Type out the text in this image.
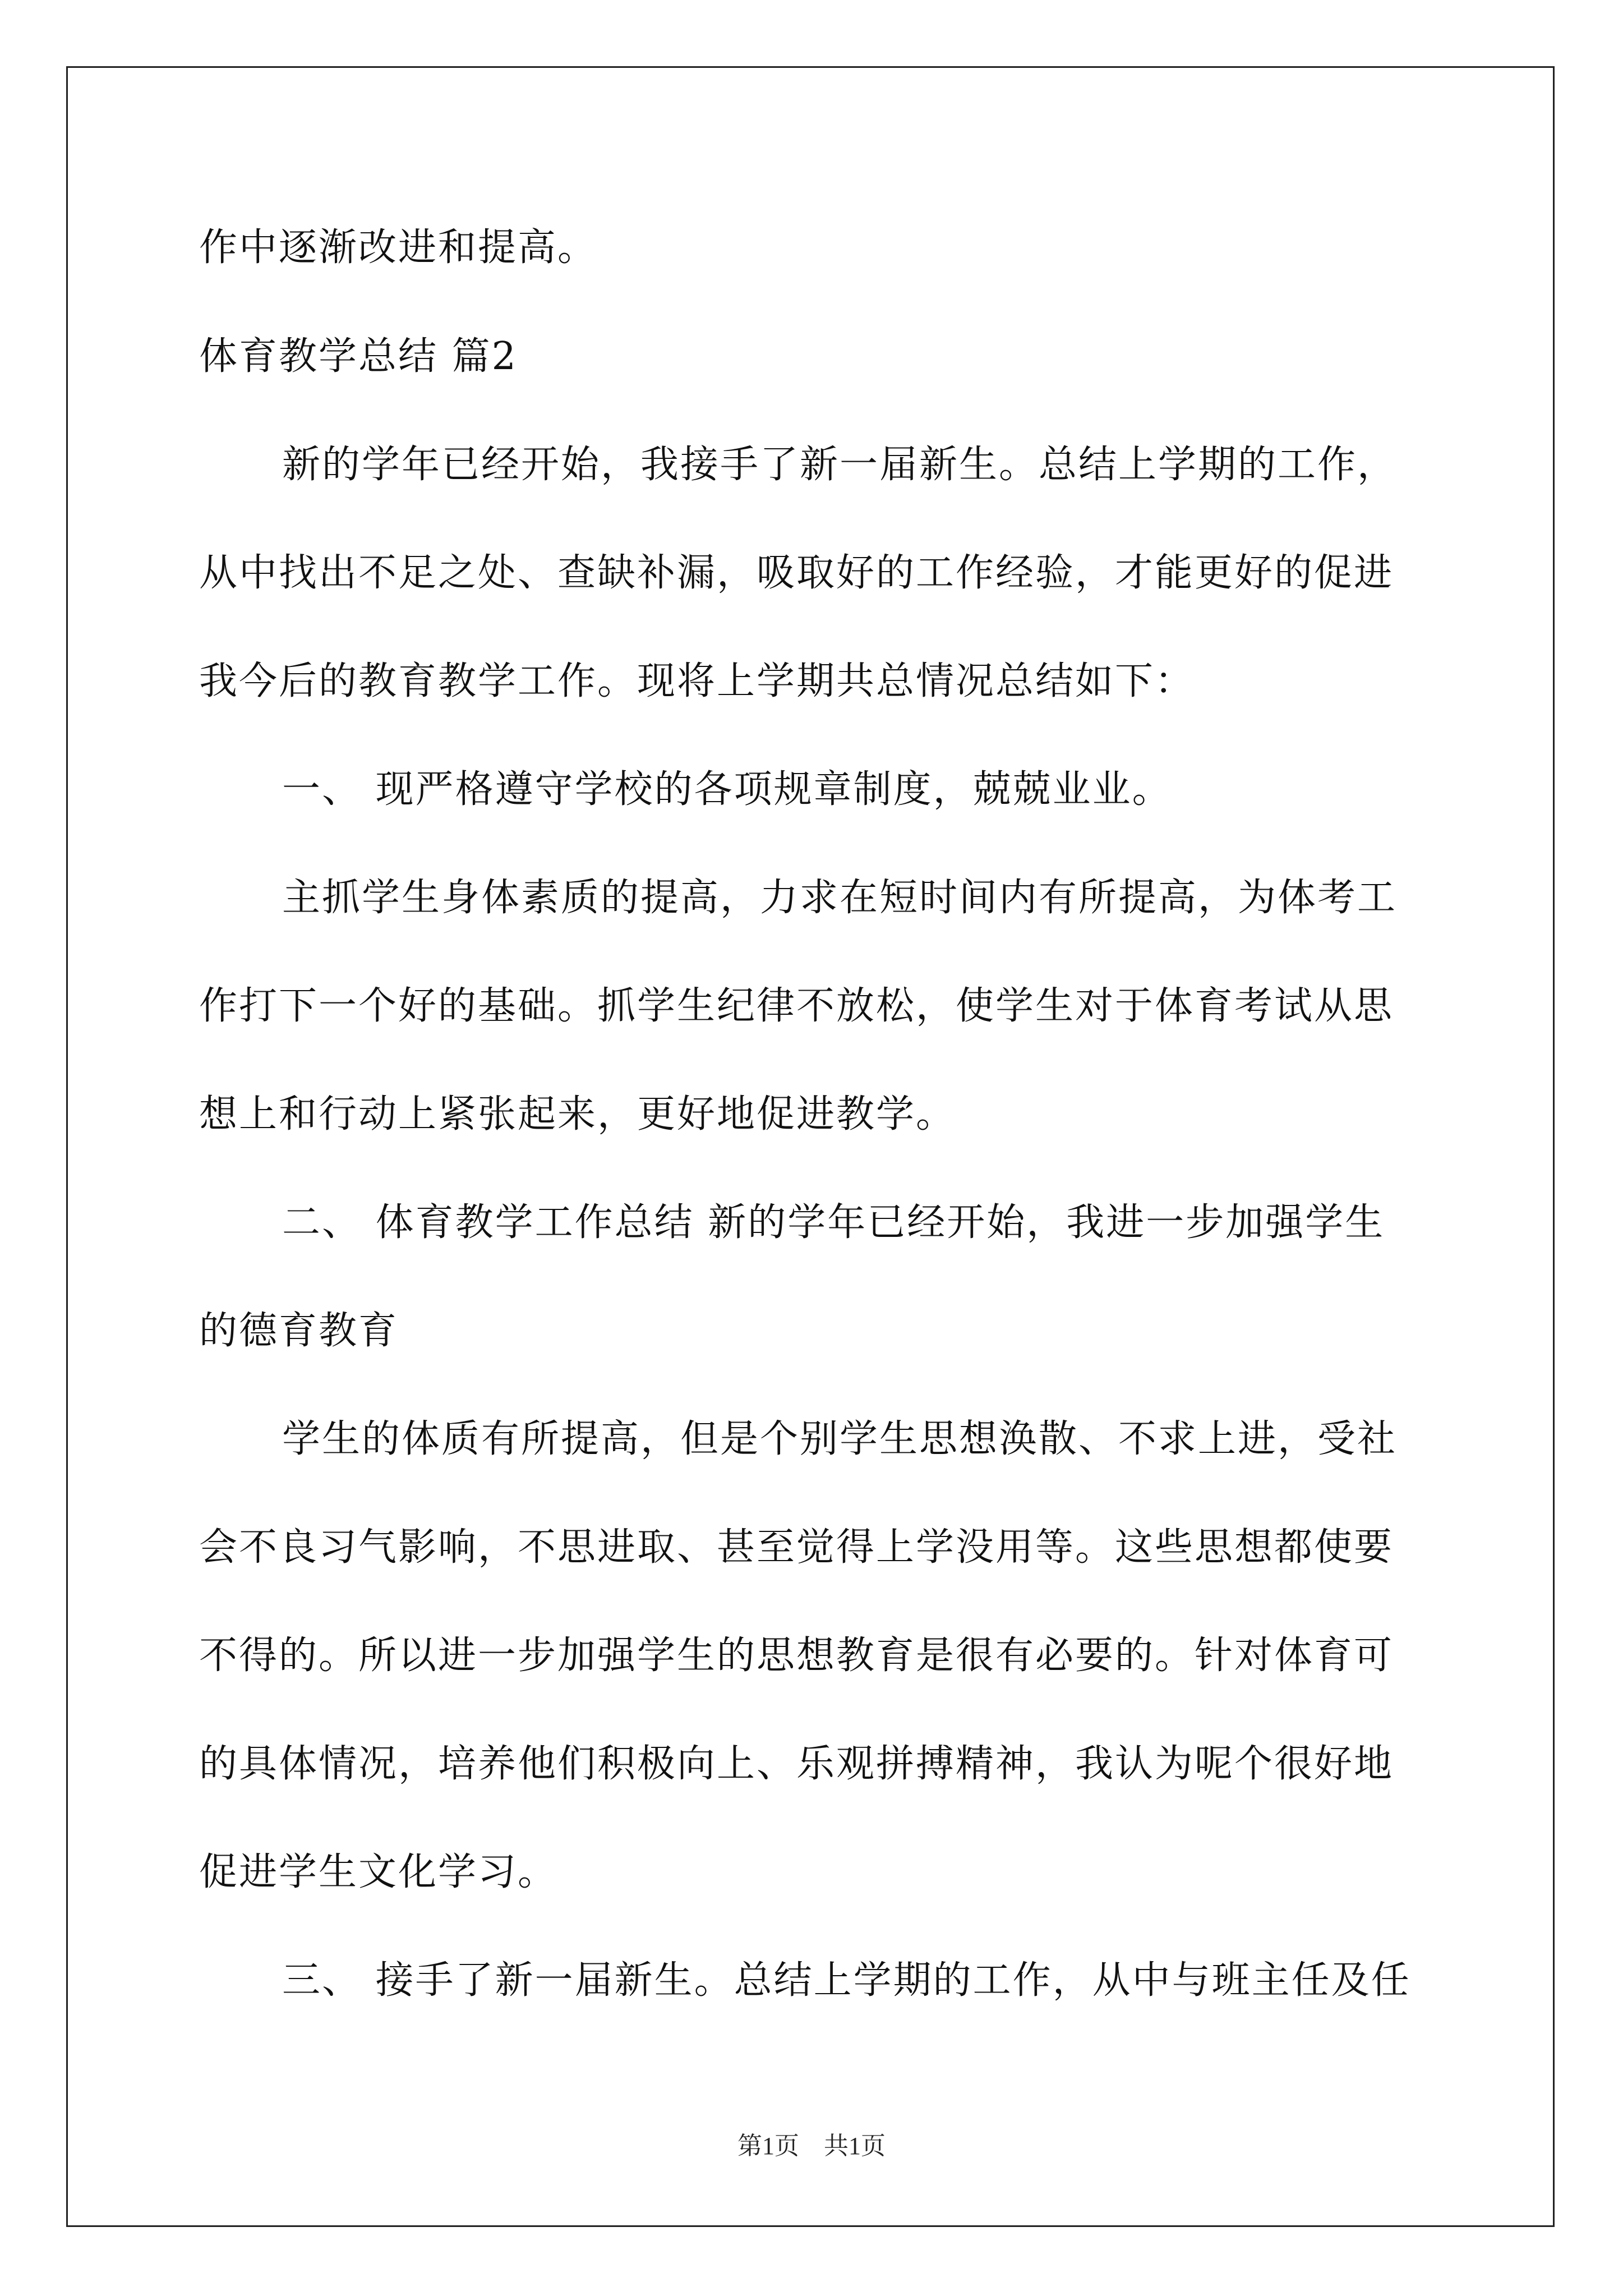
作中逐渐改进和提高。
体育教学总结 篇2
新的学年已经开始，我接手了新一届新生。总结上学期的工作，
从中找出不足之处、查缺补漏，吸取好的工作经验，才能更好的促进
我今后的教育教学工作。现将上学期共总情况总结如下：
一、 现严格遵守学校的各项规章制度，兢兢业业。
主抓学生身体素质的提高，力求在短时间内有所提高，为体考工
作打下一个好的基础。抓学生纪律不放松，使学生对于体育考试从思
想上和行动上紧张起来，更好地促进教学。
二、 体育教学工作总结 新的学年已经开始，我进一步加强学生
的德育教育
学生的体质有所提高，但是个别学生思想涣散、不求上进，受社
会不良习气影响，不思进取、甚至觉得上学没用等。这些思想都使要
不得的。所以进一步加强学生的思想教育是很有必要的。针对体育可
的具体情况，培养他们积极向上、乐观拼搏精神，我认为呢个很好地
促进学生文化学习。
三、 接手了新一届新生。总结上学期的工作，从中与班主任及任
第1页　共1页
